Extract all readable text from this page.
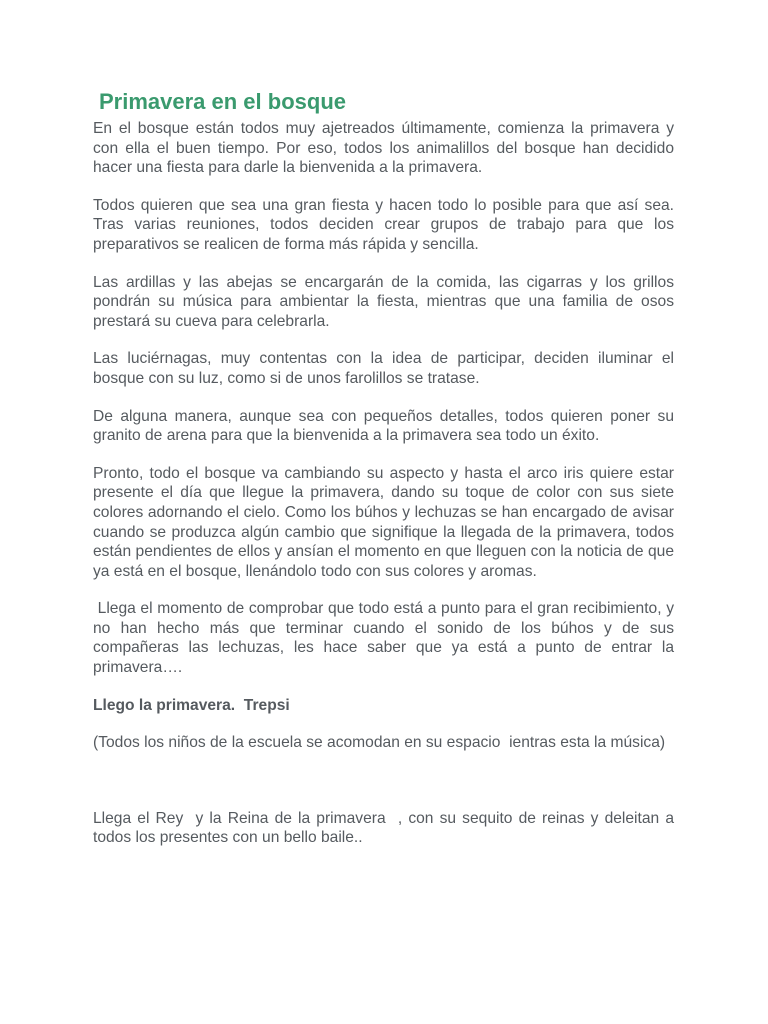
Primavera en el bosque

En el bosque están todos muy ajetreados últimamente, comienza la primavera y con ella el buen tiempo. Por eso, todos los animalillos del bosque han decidido hacer una fiesta para darle la bienvenida a la primavera.

Todos quieren que sea una gran fiesta y hacen todo lo posible para que así sea. Tras varias reuniones, todos deciden crear grupos de trabajo para que los preparativos se realicen de forma más rápida y sencilla.

Las ardillas y las abejas se encargarán de la comida, las cigarras y los grillos pondrán su música para ambientar la fiesta, mientras que una familia de osos prestará su cueva para celebrarla.

Las luciérnagas, muy contentas con la idea de participar, deciden iluminar el bosque con su luz, como si de unos farolillos se tratase.

De alguna manera, aunque sea con pequeños detalles, todos quieren poner su granito de arena para que la bienvenida a la primavera sea todo un éxito.

Pronto, todo el bosque va cambiando su aspecto y hasta el arco iris quiere estar presente el día que llegue la primavera, dando su toque de color con sus siete colores adornando el cielo. Como los búhos y lechuzas se han encargado de avisar cuando se produzca algún cambio que signifique la llegada de la primavera, todos están pendientes de ellos y ansían el momento en que lleguen con la noticia de que ya está en el bosque, llenándolo todo con sus colores y aromas.

Llega el momento de comprobar que todo está a punto para el gran recibimiento, y no han hecho más que terminar cuando el sonido de los búhos y de sus compañeras las lechuzas, les hace saber que ya está a punto de entrar la primavera….

Llego la primavera.  Trepsi

(Todos los niños de la escuela se acomodan en su espacio  ientras esta la música)

Llega el Rey  y la Reina de la primavera  , con su sequito de reinas y deleitan a todos los presentes con un bello baile..
